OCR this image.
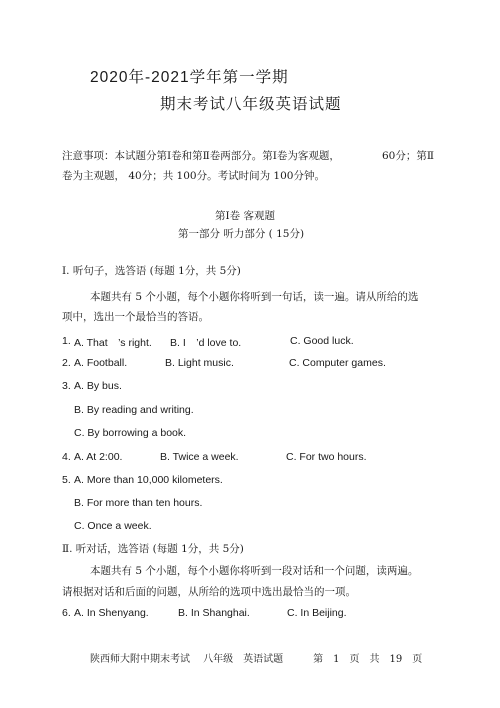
2020年-2021学年第一学期
期末考试八年级英语试题
注意事项：本试题分第Ⅰ卷和第Ⅱ卷两部分。第Ⅰ卷为客观题，	60分；第Ⅱ
卷为主观题， 40分；共 100分。考试时间为 100分钟。
第Ⅰ卷 客观题
第一部分 听力部分 ( 15分)
Ⅰ. 听句子，选答语 (每题 1分，共 5分)
本题共有 5 个小题，每个小题你将听到一句话，读一遍。请从所给的选
项中，选出一个最恰当的答语。
1. A. That　’s right. B. I　’d love to.	C. Good luck.
2. A. Football.	B. Light music.	C. Computer games.
3. A. By bus.
B. By reading and writing.
C. By borrowing a book.
4. A. At 2:00.	B. Twice a week.	C. For two hours.
5. A. More than 10,000 kilometers.
B. For more than ten hours.
C. Once a week.
Ⅱ. 听对话，选答语 (每题 1分，共 5分)
本题共有 5 个小题，每个小题你将听到一段对话和一个问题，读两遍。
请根据对话和后面的问题，从所给的选项中选出最恰当的一项。
6. A. In Shenyang.	B. In Shanghai.	C. In Beijing.
陕西师大附中期末考试　 八年级　英语试题　　　第　1　页　共　19　页
